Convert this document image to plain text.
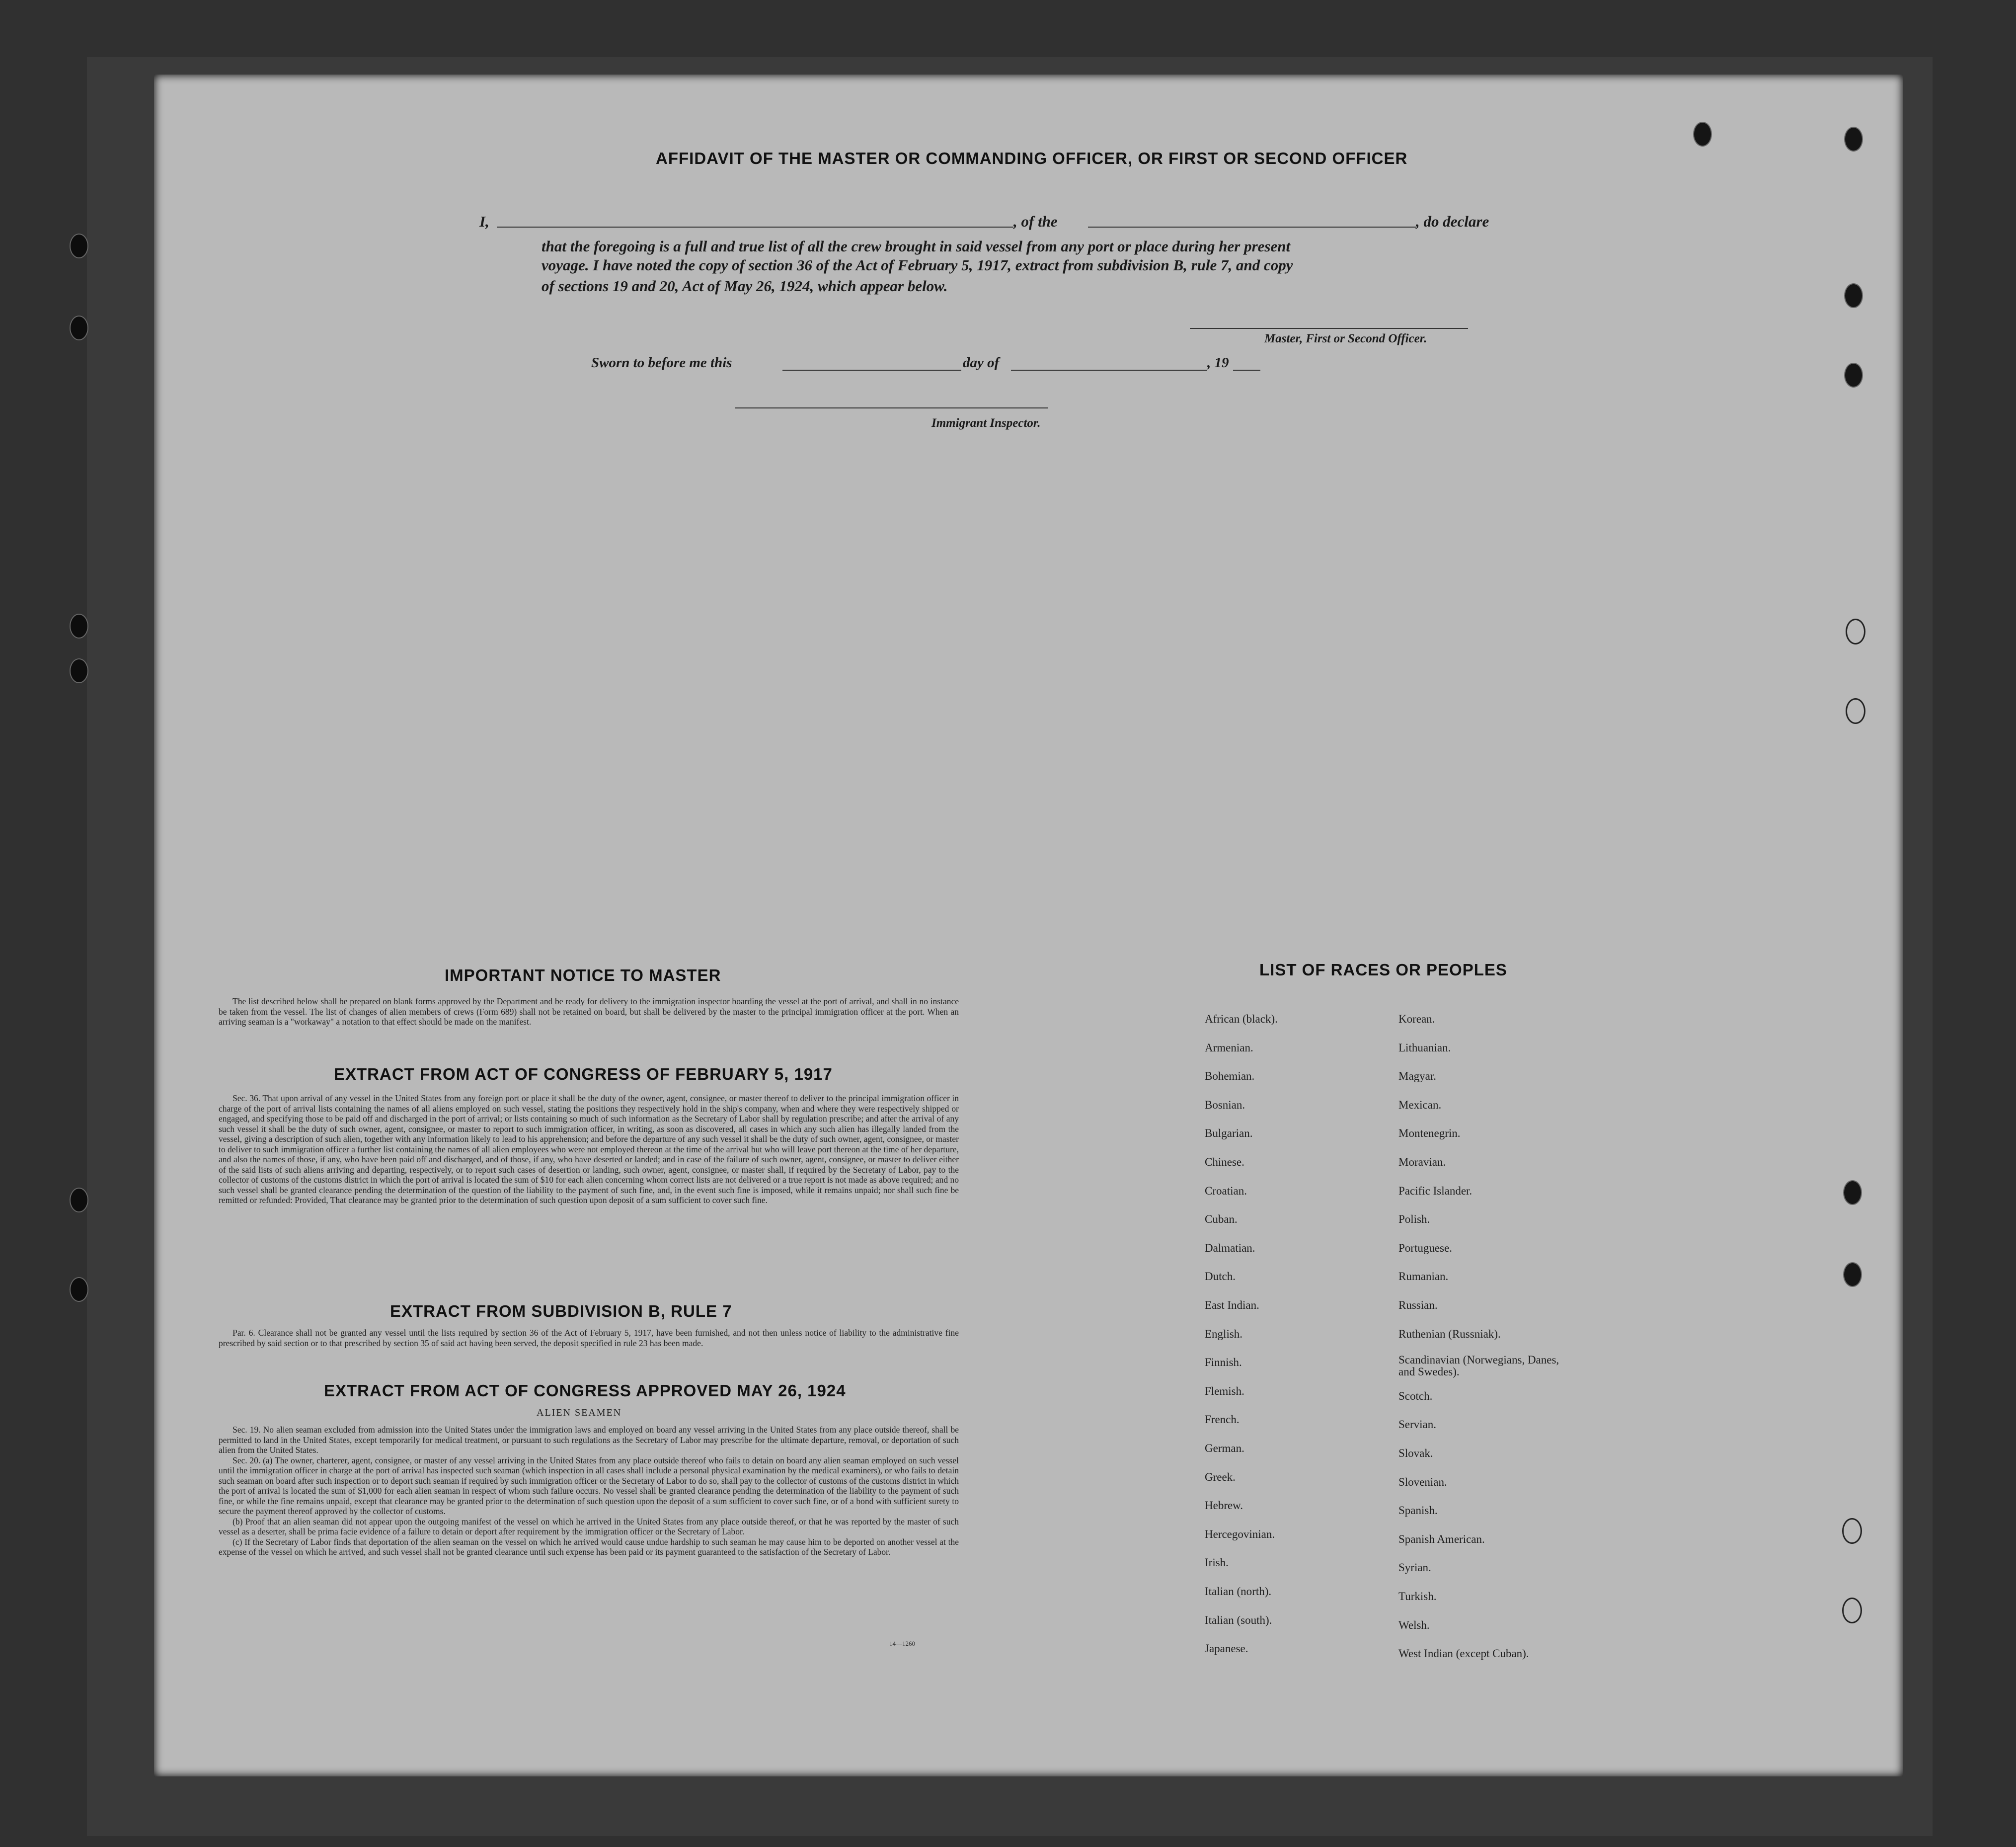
AFFIDAVIT OF THE MASTER OR COMMANDING OFFICER, OR FIRST OR SECOND OFFICER
I,	, of the	, do declare
that the foregoing is a full and true list of all the crew brought in said vessel from any port or place during her present
voyage. I have noted the copy of section 36 of the Act of February 5, 1917, extract from subdivision B, rule 7, and copy
of sections 19 and 20, Act of May 26, 1924, which appear below.
Master, First or Second Officer.
Sworn to before me this	day of	, 19
Immigrant Inspector.
IMPORTANT NOTICE TO MASTER

The list described below shall be prepared on blank forms approved by the Department and be ready for delivery to the immigration inspector boarding the vessel at the port of arrival, and shall in no instance be taken from the vessel. The list of changes of alien members of crews (Form 689) shall not be retained on board, but shall be delivered by the master to the principal immigration officer at the port. When an arriving seaman is a "workaway" a notation to that effect should be made on the manifest.

EXTRACT FROM ACT OF CONGRESS OF FEBRUARY 5, 1917

Sec. 36. That upon arrival of any vessel in the United States from any foreign port or place it shall be the duty of the owner, agent, consignee, or master thereof to deliver to the principal immigration officer in charge of the port of arrival lists containing the names of all aliens employed on such vessel, stating the positions they respectively hold in the ship's company, when and where they were respectively shipped or engaged, and specifying those to be paid off and discharged in the port of arrival; or lists containing so much of such information as the Secretary of Labor shall by regulation prescribe; and after the arrival of any such vessel it shall be the duty of such owner, agent, consignee, or master to report to such immigration officer, in writing, as soon as discovered, all cases in which any such alien has illegally landed from the vessel, giving a description of such alien, together with any information likely to lead to his apprehension; and before the departure of any such vessel it shall be the duty of such owner, agent, consignee, or master to deliver to such immigration officer a further list containing the names of all alien employees who were not employed thereon at the time of the arrival but who will leave port thereon at the time of her departure, and also the names of those, if any, who have been paid off and discharged, and of those, if any, who have deserted or landed; and in case of the failure of such owner, agent, consignee, or master to deliver either of the said lists of such aliens arriving and departing, respectively, or to report such cases of desertion or landing, such owner, agent, consignee, or master shall, if required by the Secretary of Labor, pay to the collector of customs of the customs district in which the port of arrival is located the sum of $10 for each alien concerning whom correct lists are not delivered or a true report is not made as above required; and no such vessel shall be granted clearance pending the determination of the question of the liability to the payment of such fine, and, in the event such fine is imposed, while it remains unpaid; nor shall such fine be remitted or refunded: Provided, That clearance may be granted prior to the determination of such question upon deposit of a sum sufficient to cover such fine.

EXTRACT FROM SUBDIVISION B, RULE 7

Par. 6. Clearance shall not be granted any vessel until the lists required by section 36 of the Act of February 5, 1917, have been furnished, and not then unless notice of liability to the administrative fine prescribed by said section or to that prescribed by section 35 of said act having been served, the deposit specified in rule 23 has been made.

EXTRACT FROM ACT OF CONGRESS APPROVED MAY 26, 1924
ALIEN SEAMEN

Sec. 19. No alien seaman excluded from admission into the United States under the immigration laws and employed on board any vessel arriving in the United States from any place outside thereof, shall be permitted to land in the United States, except temporarily for medical treatment, or pursuant to such regulations as the Secretary of Labor may prescribe for the ultimate departure, removal, or deportation of such alien from the United States.

Sec. 20. (a) The owner, charterer, agent, consignee, or master of any vessel arriving in the United States from any place outside thereof who fails to detain on board any alien seaman employed on such vessel until the immigration officer in charge at the port of arrival has inspected such seaman (which inspection in all cases shall include a personal physical examination by the medical examiners), or who fails to detain such seaman on board after such inspection or to deport such seaman if required by such immigration officer or the Secretary of Labor to do so, shall pay to the collector of customs of the customs district in which the port of arrival is located the sum of $1,000 for each alien seaman in respect of whom such failure occurs. No vessel shall be granted clearance pending the determination of the liability to the payment of such fine, or while the fine remains unpaid, except that clearance may be granted prior to the determination of such question upon the deposit of a sum sufficient to cover such fine, or of a bond with sufficient surety to secure the payment thereof approved by the collector of customs.

(b) Proof that an alien seaman did not appear upon the outgoing manifest of the vessel on which he arrived in the United States from any place outside thereof, or that he was reported by the master of such vessel as a deserter, shall be prima facie evidence of a failure to detain or deport after requirement by the immigration officer or the Secretary of Labor.

(c) If the Secretary of Labor finds that deportation of the alien seaman on the vessel on which he arrived would cause undue hardship to such seaman he may cause him to be deported on another vessel at the expense of the vessel on which he arrived, and such vessel shall not be granted clearance until such expense has been paid or its payment guaranteed to the satisfaction of the Secretary of Labor.

14—1260
LIST OF RACES OR PEOPLES
African (black).
Armenian.
Bohemian.
Bosnian.
Bulgarian.
Chinese.
Croatian.
Cuban.
Dalmatian.
Dutch.
East Indian.
English.
Finnish.
Flemish.
French.
German.
Greek.
Hebrew.
Hercegovinian.
Irish.
Italian (north).
Italian (south).
Japanese.
Korean.
Lithuanian.
Magyar.
Mexican.
Montenegrin.
Moravian.
Pacific Islander.
Polish.
Portuguese.
Rumanian.
Russian.
Ruthenian (Russniak).
Scandinavian (Norwegians, Danes, and Swedes).
Scotch.
Servian.
Slovak.
Slovenian.
Spanish.
Spanish American.
Syrian.
Turkish.
Welsh.
West Indian (except Cuban).
